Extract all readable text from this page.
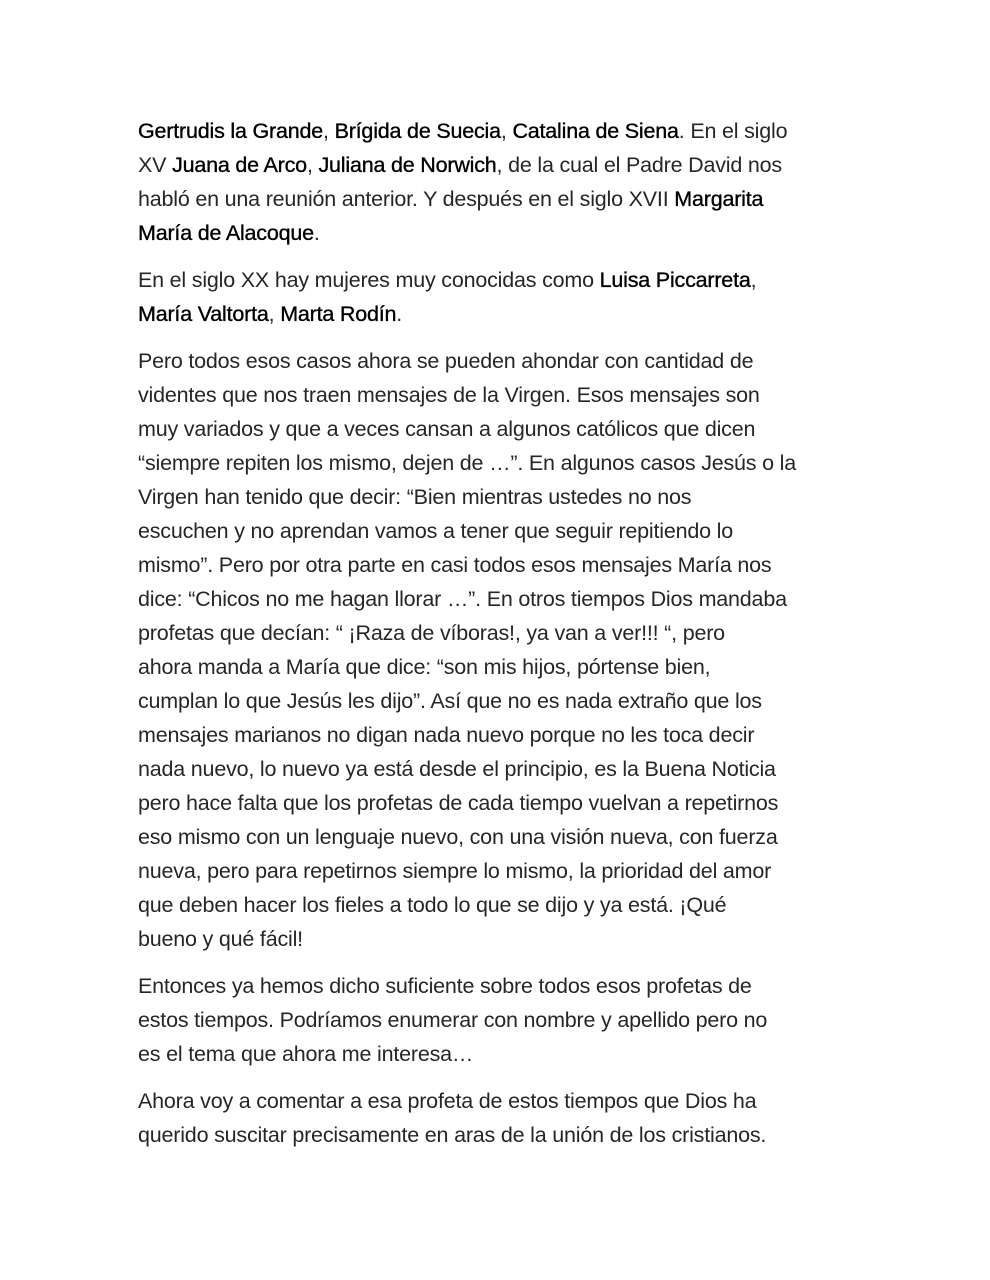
Gertrudis la Grande, Brígida de Suecia, Catalina de Siena. En el siglo
XV Juana de Arco, Juliana de Norwich, de la cual el Padre David nos
habló en una reunión anterior. Y después en el siglo XVII Margarita
María de Alacoque.

En el siglo XX hay mujeres muy conocidas como Luisa Piccarreta,
María Valtorta, Marta Rodín.

Pero todos esos casos ahora se pueden ahondar con cantidad de
videntes que nos traen mensajes de la Virgen. Esos mensajes son
muy variados y que a veces cansan a algunos católicos que dicen
“siempre repiten los mismo, dejen de …”. En algunos casos Jesús o la
Virgen han tenido que decir: “Bien mientras ustedes no nos
escuchen y no aprendan vamos a tener que seguir repitiendo lo
mismo”. Pero por otra parte en casi todos esos mensajes María nos
dice: “Chicos no me hagan llorar …”. En otros tiempos Dios mandaba
profetas que decían: “ ¡Raza de víboras!, ya van a ver!!! “, pero
ahora manda a María que dice: “son mis hijos, pórtense bien,
cumplan lo que Jesús les dijo”. Así que no es nada extraño que los
mensajes marianos no digan nada nuevo porque no les toca decir
nada nuevo, lo nuevo ya está desde el principio, es la Buena Noticia
pero hace falta que los profetas de cada tiempo vuelvan a repetirnos
eso mismo con un lenguaje nuevo, con una visión nueva, con fuerza
nueva, pero para repetirnos siempre lo mismo, la prioridad del amor
que deben hacer los fieles a todo lo que se dijo y ya está. ¡Qué
bueno y qué fácil!

Entonces ya hemos dicho suficiente sobre todos esos profetas de
estos tiempos. Podríamos enumerar con nombre y apellido pero no
es el tema que ahora me interesa…

Ahora voy a comentar a esa profeta de estos tiempos que Dios ha
querido suscitar precisamente en aras de la unión de los cristianos.
